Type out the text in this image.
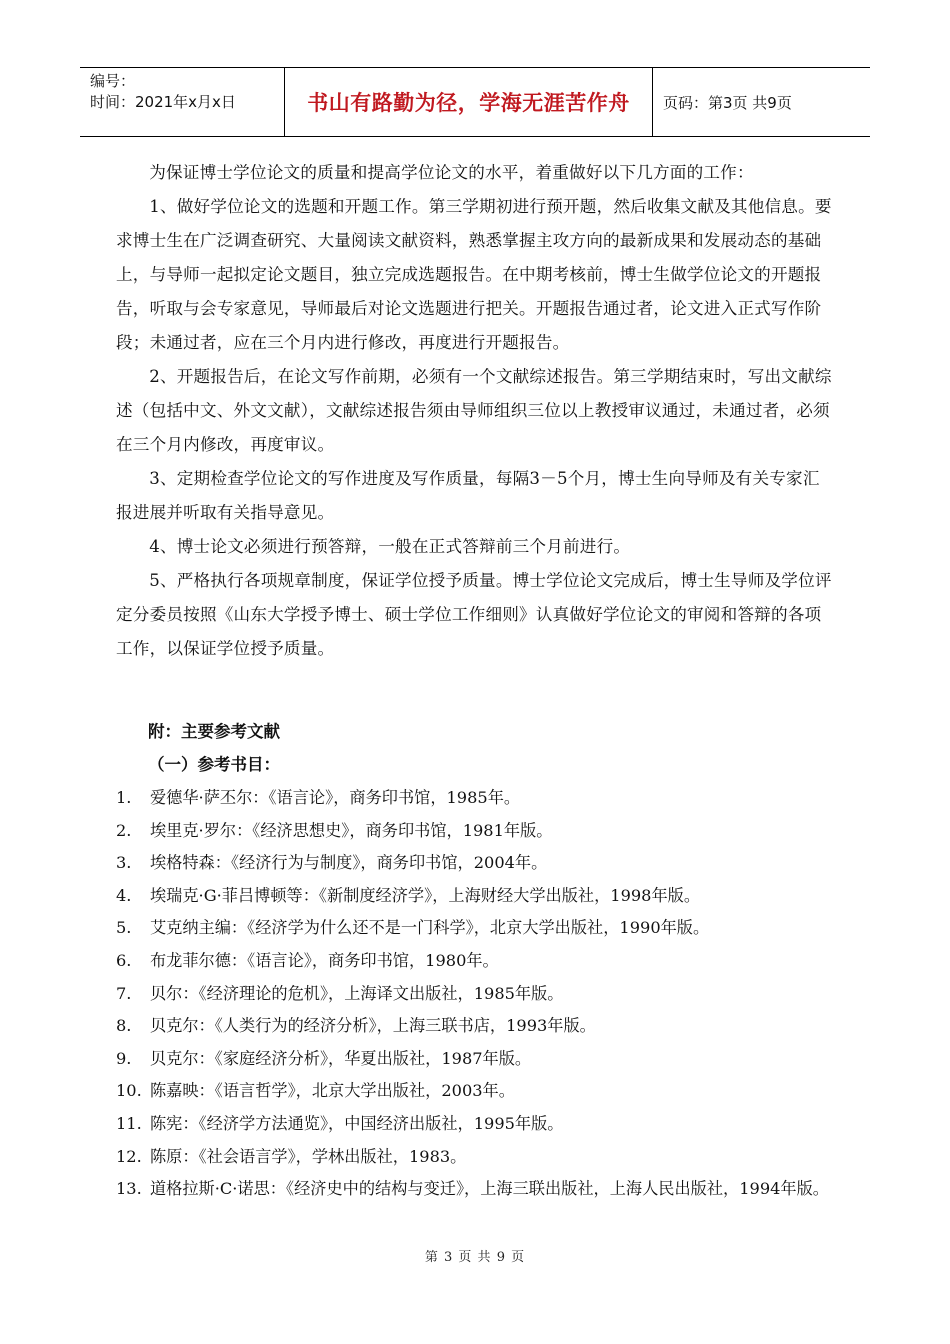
编号：
时间：2021年x月x日	书山有路勤为径，学海无涯苦作舟	页码：第3页 共9页

为保证博士学位论文的质量和提高学位论文的水平，着重做好以下几方面的工作：

1、做好学位论文的选题和开题工作。第三学期初进行预开题，然后收集文献及其他信息。要求博士生在广泛调查研究、大量阅读文献资料，熟悉掌握主攻方向的最新成果和发展动态的基础上，与导师一起拟定论文题目，独立完成选题报告。在中期考核前，博士生做学位论文的开题报告，听取与会专家意见，导师最后对论文选题进行把关。开题报告通过者，论文进入正式写作阶段；未通过者，应在三个月内进行修改，再度进行开题报告。

2、开题报告后，在论文写作前期，必须有一个文献综述报告。第三学期结束时，写出文献综述（包括中文、外文文献），文献综述报告须由导师组织三位以上教授审议通过，未通过者，必须在三个月内修改，再度审议。

3、定期检查学位论文的写作进度及写作质量，每隔3－5个月，博士生向导师及有关专家汇报进展并听取有关指导意见。

4、博士论文必须进行预答辩，一般在正式答辩前三个月前进行。

5、严格执行各项规章制度，保证学位授予质量。博士学位论文完成后，博士生导师及学位评定分委员按照《山东大学授予博士、硕士学位工作细则》认真做好学位论文的审阅和答辩的各项工作，以保证学位授予质量。

附：主要参考文献
（一）参考书目：
1.	爱德华·萨丕尔：《语言论》，商务印书馆，1985年。
2.	埃里克·罗尔：《经济思想史》，商务印书馆，1981年版。
3.	埃格特森：《经济行为与制度》，商务印书馆，2004年。
4.	埃瑞克·G·菲吕博顿等：《新制度经济学》，上海财经大学出版社，1998年版。
5.	艾克纳主编：《经济学为什么还不是一门科学》，北京大学出版社，1990年版。
6.	布龙菲尔德：《语言论》，商务印书馆，1980年。
7.	贝尔：《经济理论的危机》，上海译文出版社，1985年版。
8.	贝克尔：《人类行为的经济分析》，上海三联书店，1993年版。
9.	贝克尔：《家庭经济分析》，华夏出版社，1987年版。
10. 陈嘉映：《语言哲学》，北京大学出版社，2003年。
11. 陈宪：《经济学方法通览》，中国经济出版社，1995年版。
12. 陈原：《社会语言学》，学林出版社，1983。
13. 道格拉斯·C·诺思：《经济史中的结构与变迁》，上海三联出版社，上海人民出版社，1994年版。
第 3 页 共 9 页
